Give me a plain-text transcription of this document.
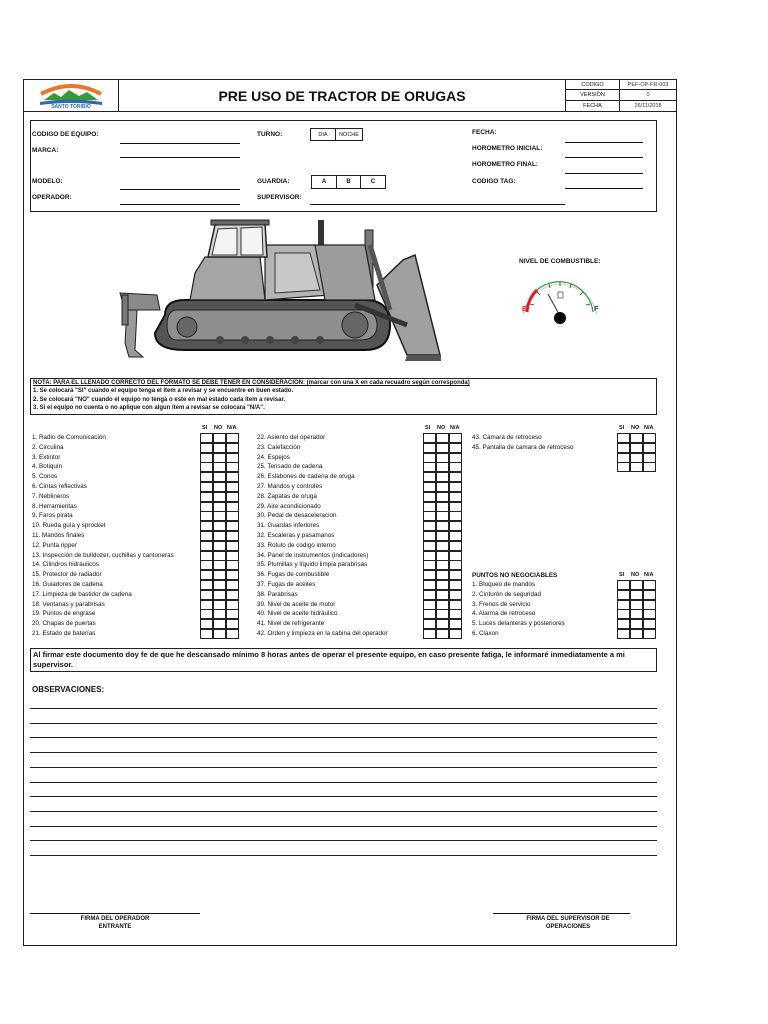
SANTO TORIBIO
PRE USO DE TRACTOR DE ORUGAS
CODIGO	PEF-OP-FR-003
VERSIÓN	0
FECHA	26/11/2018
CODIGO DE EQUIPO:
MARCA:
MODELO:
OPERADOR:
TURNO:	DIA	NOCHE
GUARDIA:	A	B	C
SUPERVISOR:
FECHA:
HOROMETRO INICIAL:
HOROMETRO FINAL:
CODIGO TAG:
NIVEL DE COMBUSTIBLE:
E	F
NOTA: PARA EL LLENADO CORRECTO DEL FORMATO SE DEBE TENER EN CONSIDERACION: (marcar con una X en cada recuadro según corresponda)
1. Se colocará "SI" cuando el equipo tenga el ítem a revisar y se encuentre en buen estado.
2. Se colocará "NO" cuando el equipo no tenga o este en mal estado cada ítem a revisar.
3. Si el equipo no cuenta o no aplique con algun ítem a revisar se colocara "N/A".
SI NO N/A
1. Radio de Comunicación
2. Circulina
3. Extintor
4. Botiquín
5. Conos
6. Cintas reflectivas
7. Neblineros
8. Herramientas
9. Faros pirata
10. Rueda guía y sprocket
11. Mandos finales
12. Punta ripper
13. Inspección de bulldozer, cuchillas y cantoneras
14. Cilindros hidráulicos
15. Protector de radiador
16. Guiadores de cadena
17. Limpieza de bastidor de cadena
18. Ventanas y parabrisas
19. Puntos de engrase
20. Chapas de puertas
21. Estado de baterías
SI NO N/A
22. Asiento del operador
23. Calefacción
24. Espejos
25. Tensado de cadena
26. Eslabones de cadena de oruga
27. Mandos y controles
28. Zapatas de oruga
29. Aire acondicionado
30. Pedal de desaceleracion
31. Guardas inferiores
32. Escaleras y pasamanos
33. Rotulo de codigo interno
34. Panel de instrumentos (indicadores)
35. Plumillas y líquido limpia parabrisas
36. Fugas de combustible
37. Fugas de aceites
38. Parabrisas
39. Nivel de aceite de motor
40. Nivel de aceite hidráulico
41. Nivel de refrigerante
42. Orden y limpieza en la cabina del operador
SI NO N/A
43. Camara de retroceso
45. Pantalla de camara de retroceso
PUNTOS NO NEGOCIABLES	SI NO N/A
1. Bloqueo de mandos
2. Cinturón de seguridad
3. Frenos de servicio
4. Alarma de retroceso
5. Luces delanteras y posteriores
6. Claxon
Al firmar este documento doy fe de que he descansado mínimo 8 horas antes de operar el presente equipo, en caso presente fatiga, le informaré inmediatamente a mi supervisor.
OBSERVACIONES:
FIRMA DEL OPERADOR
ENTRANTE
FIRMA DEL SUPERVISOR DE
OPERACIONES
